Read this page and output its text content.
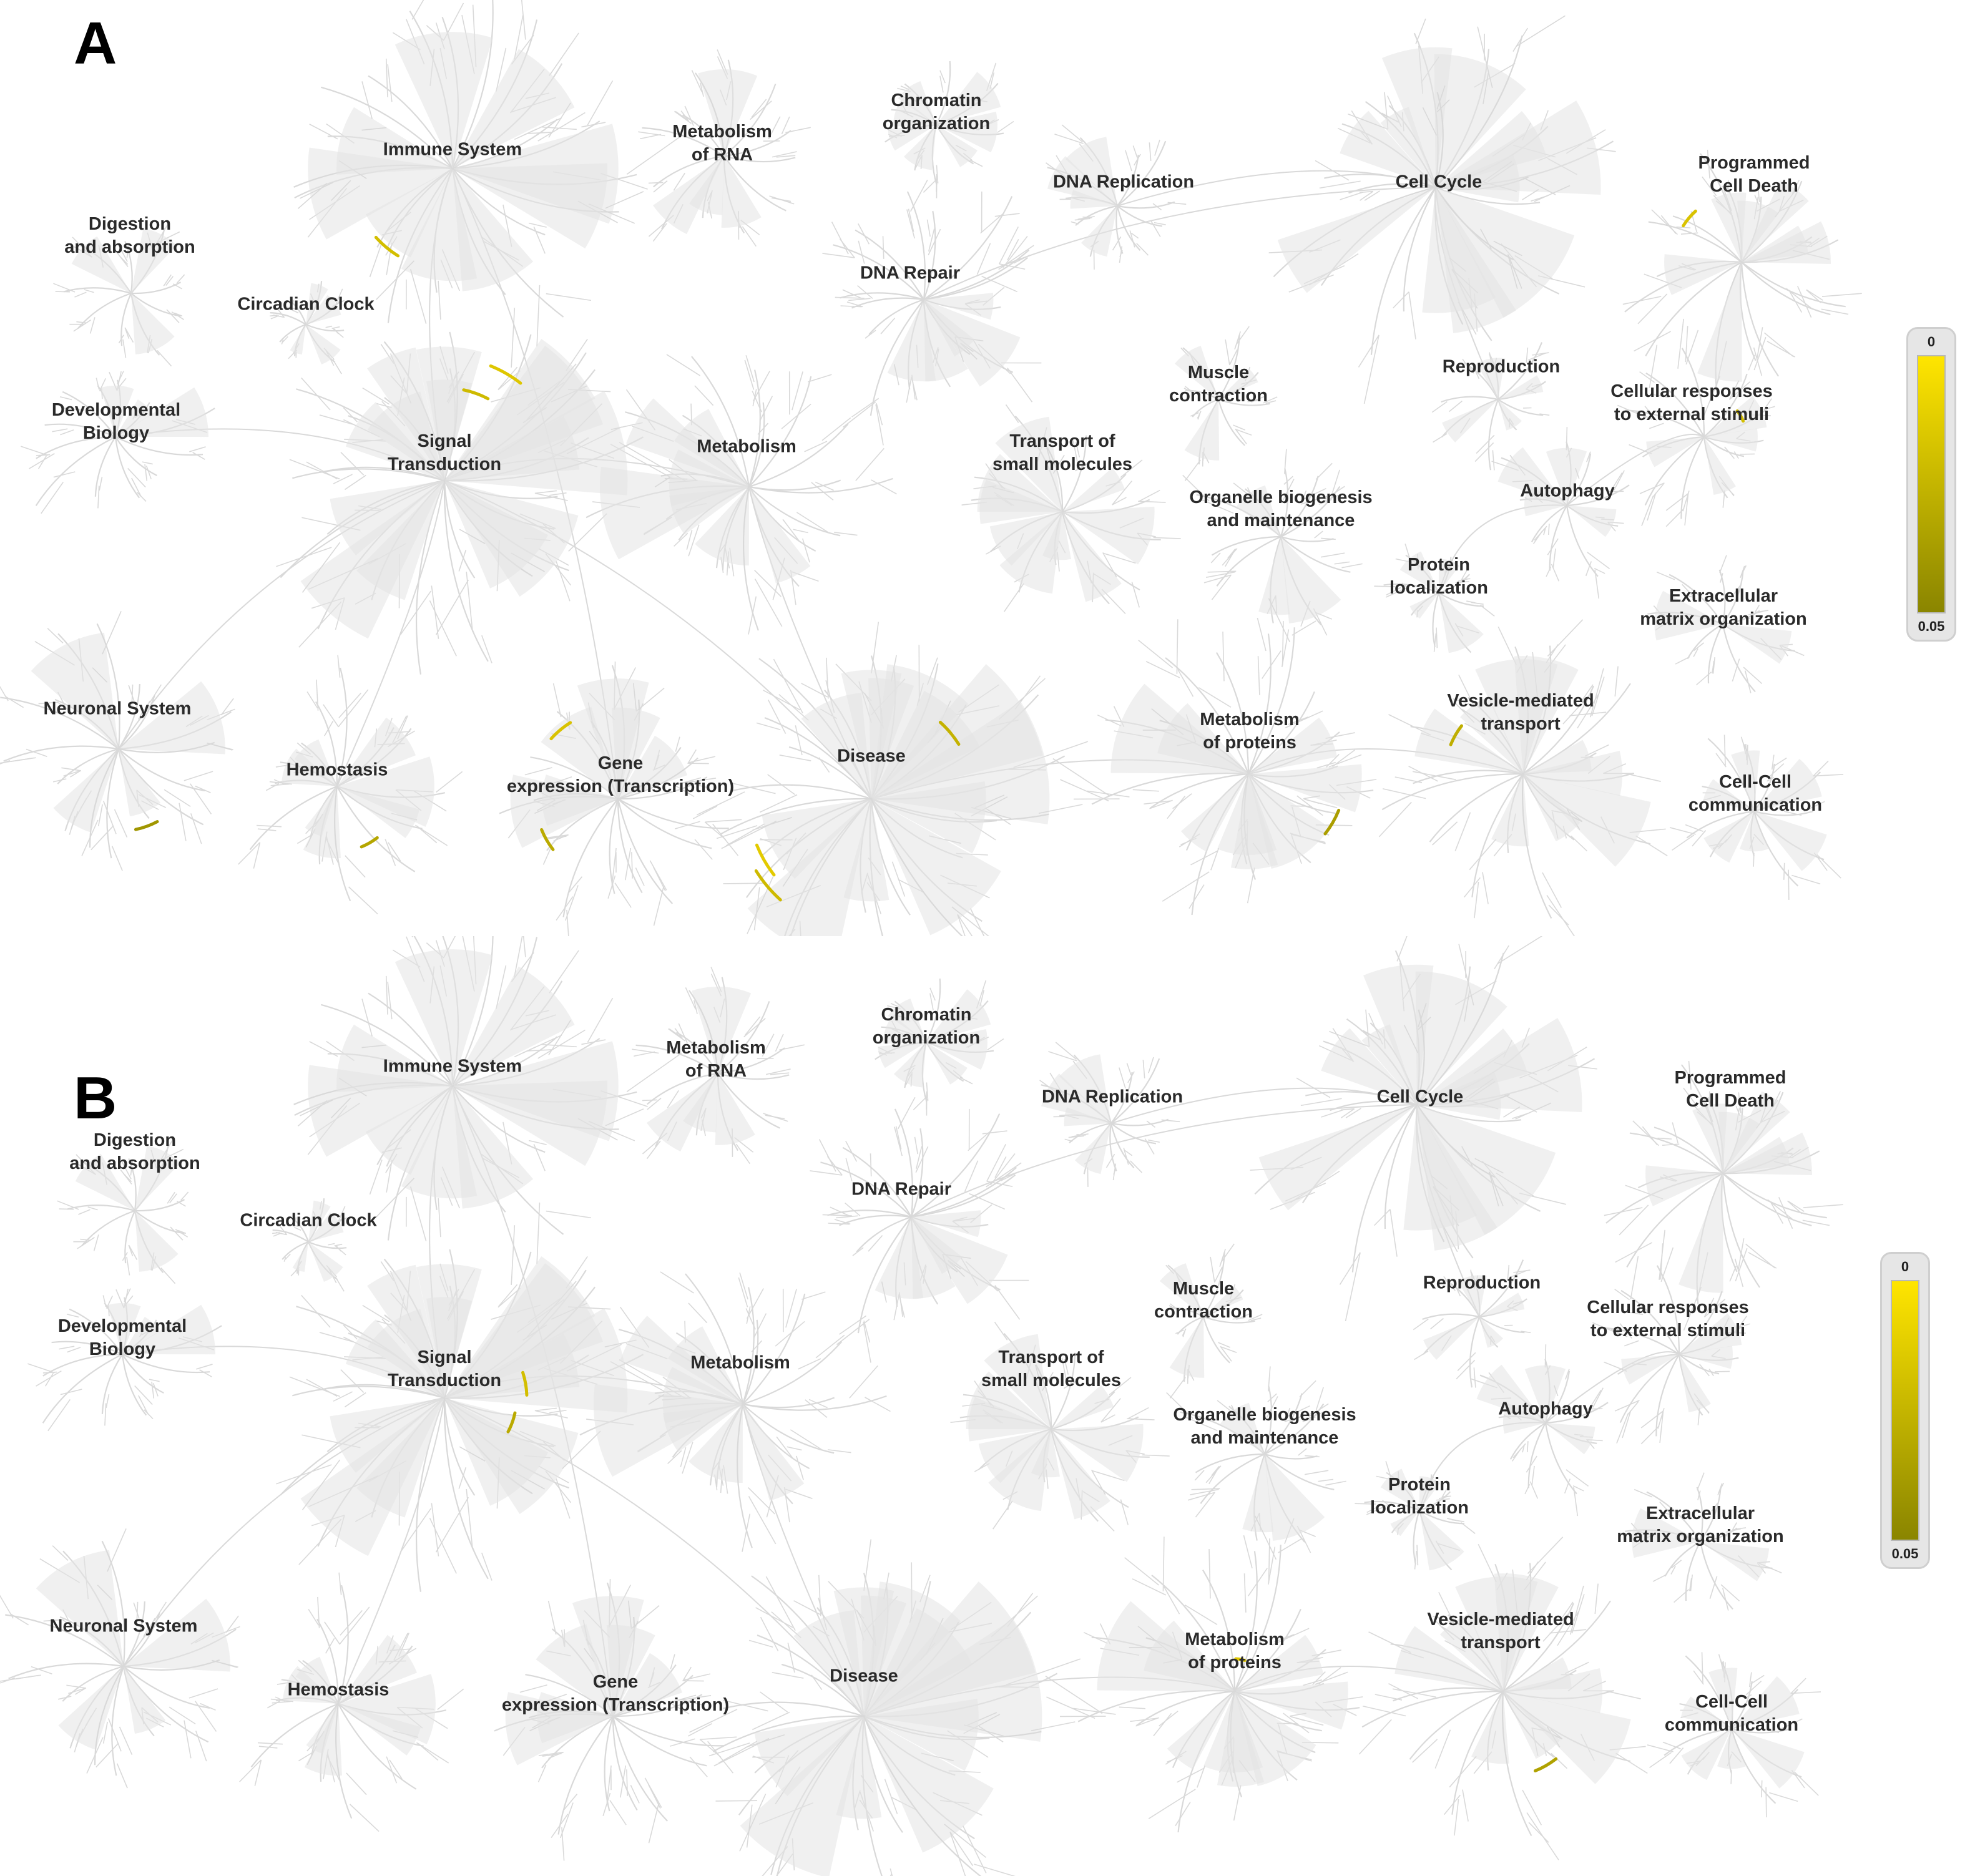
A
0
0.05
Immune System
Metabolism
of RNA
Chromatin
organization
DNA Replication	Cell Cycle
Programmed
Cell Death
Digestion
and absorption
Circadian Clock
DNA Repair
Developmental
Biology	Signal
Transduction
Metabolism	Transport of
small molecules
Muscle
contraction
Reproduction
Cellular responses
to external stimuli
Organelle biogenesis
and maintenance
Autophagy
Protein
localization	Extracellular
matrix organization
Neuronal System
Hemostasis	Gene
expression (Transcription)
Disease
Metabolism
of proteins
Vesicle-mediated
transport
Cell-Cell
communication
B
0
0.05
Immune System
Metabolism
of RNA
Chromatin
organization
DNA Replication	Cell Cycle
Programmed
Cell Death
Digestion
and absorption
Circadian Clock
DNA Repair
Developmental
Biology	Signal
Transduction
Metabolism	Transport of
small molecules
Muscle
contraction
Reproduction
Cellular responses
to external stimuli
Organelle biogenesis
and maintenance
Autophagy
Protein
localization	Extracellular
matrix organization
Neuronal System
Hemostasis	Gene
expression (Transcription)
Disease
Metabolism
of proteins
Vesicle-mediated
transport
Cell-Cell
communication
